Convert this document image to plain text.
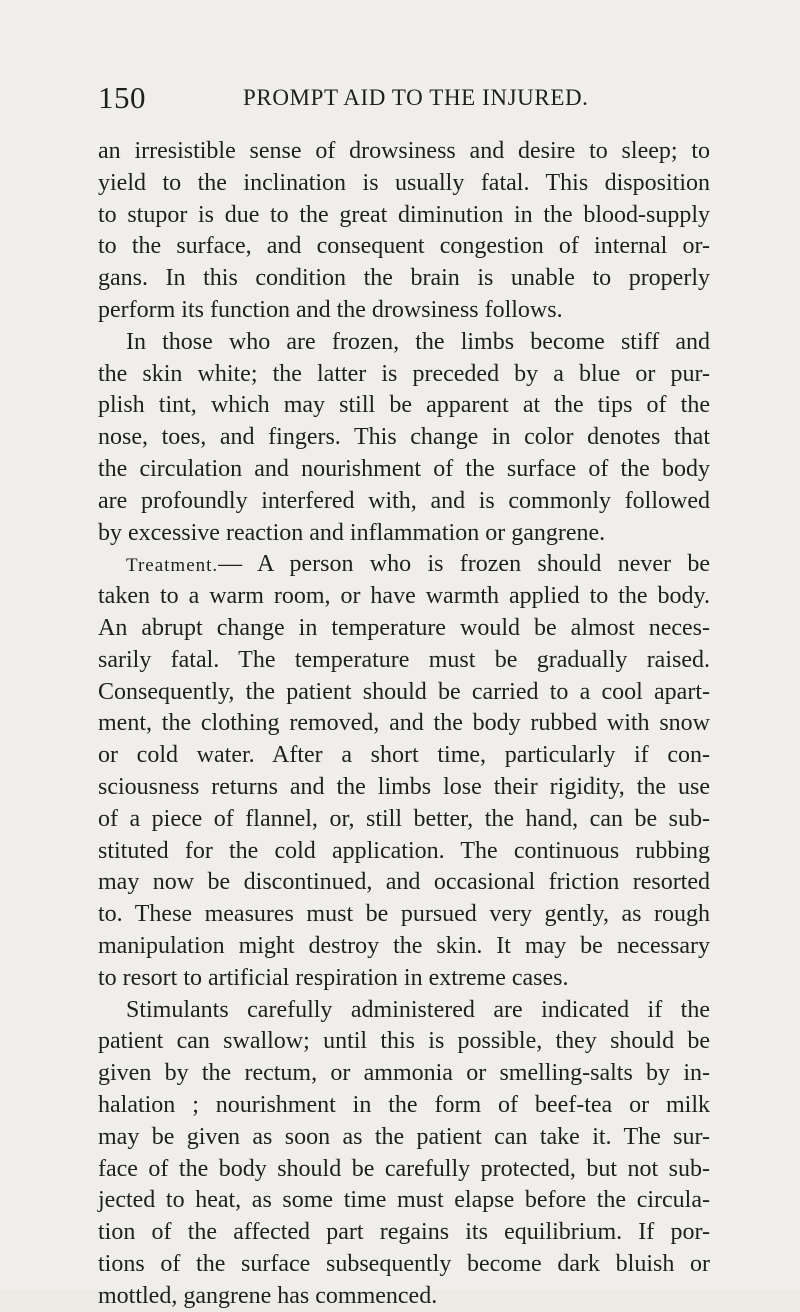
150	PROMPT AID TO THE INJURED.
an irresistible sense of drowsiness and desire to sleep; to
yield to the inclination is usually fatal. This disposition
to stupor is due to the great diminution in the blood-supply
to the surface, and consequent congestion of internal or-
gans. In this condition the brain is unable to properly
perform its function and the drowsiness follows.
In those who are frozen, the limbs become stiff and
the skin white; the latter is preceded by a blue or pur-
plish tint, which may still be apparent at the tips of the
nose, toes, and fingers. This change in color denotes that
the circulation and nourishment of the surface of the body
are profoundly interfered with, and is commonly followed
by excessive reaction and inflammation or gangrene.
Treatment.— A person who is frozen should never be
taken to a warm room, or have warmth applied to the body.
An abrupt change in temperature would be almost neces-
sarily fatal. The temperature must be gradually raised.
Consequently, the patient should be carried to a cool apart-
ment, the clothing removed, and the body rubbed with snow
or cold water. After a short time, particularly if con-
sciousness returns and the limbs lose their rigidity, the use
of a piece of flannel, or, still better, the hand, can be sub-
stituted for the cold application. The continuous rubbing
may now be discontinued, and occasional friction resorted
to. These measures must be pursued very gently, as rough
manipulation might destroy the skin. It may be necessary
to resort to artificial respiration in extreme cases.
Stimulants carefully administered are indicated if the
patient can swallow; until this is possible, they should be
given by the rectum, or ammonia or smelling-salts by in-
halation ; nourishment in the form of beef-tea or milk
may be given as soon as the patient can take it. The sur-
face of the body should be carefully protected, but not sub-
jected to heat, as some time must elapse before the circula-
tion of the affected part regains its equilibrium. If por-
tions of the surface subsequently become dark bluish or
mottled, gangrene has commenced.
